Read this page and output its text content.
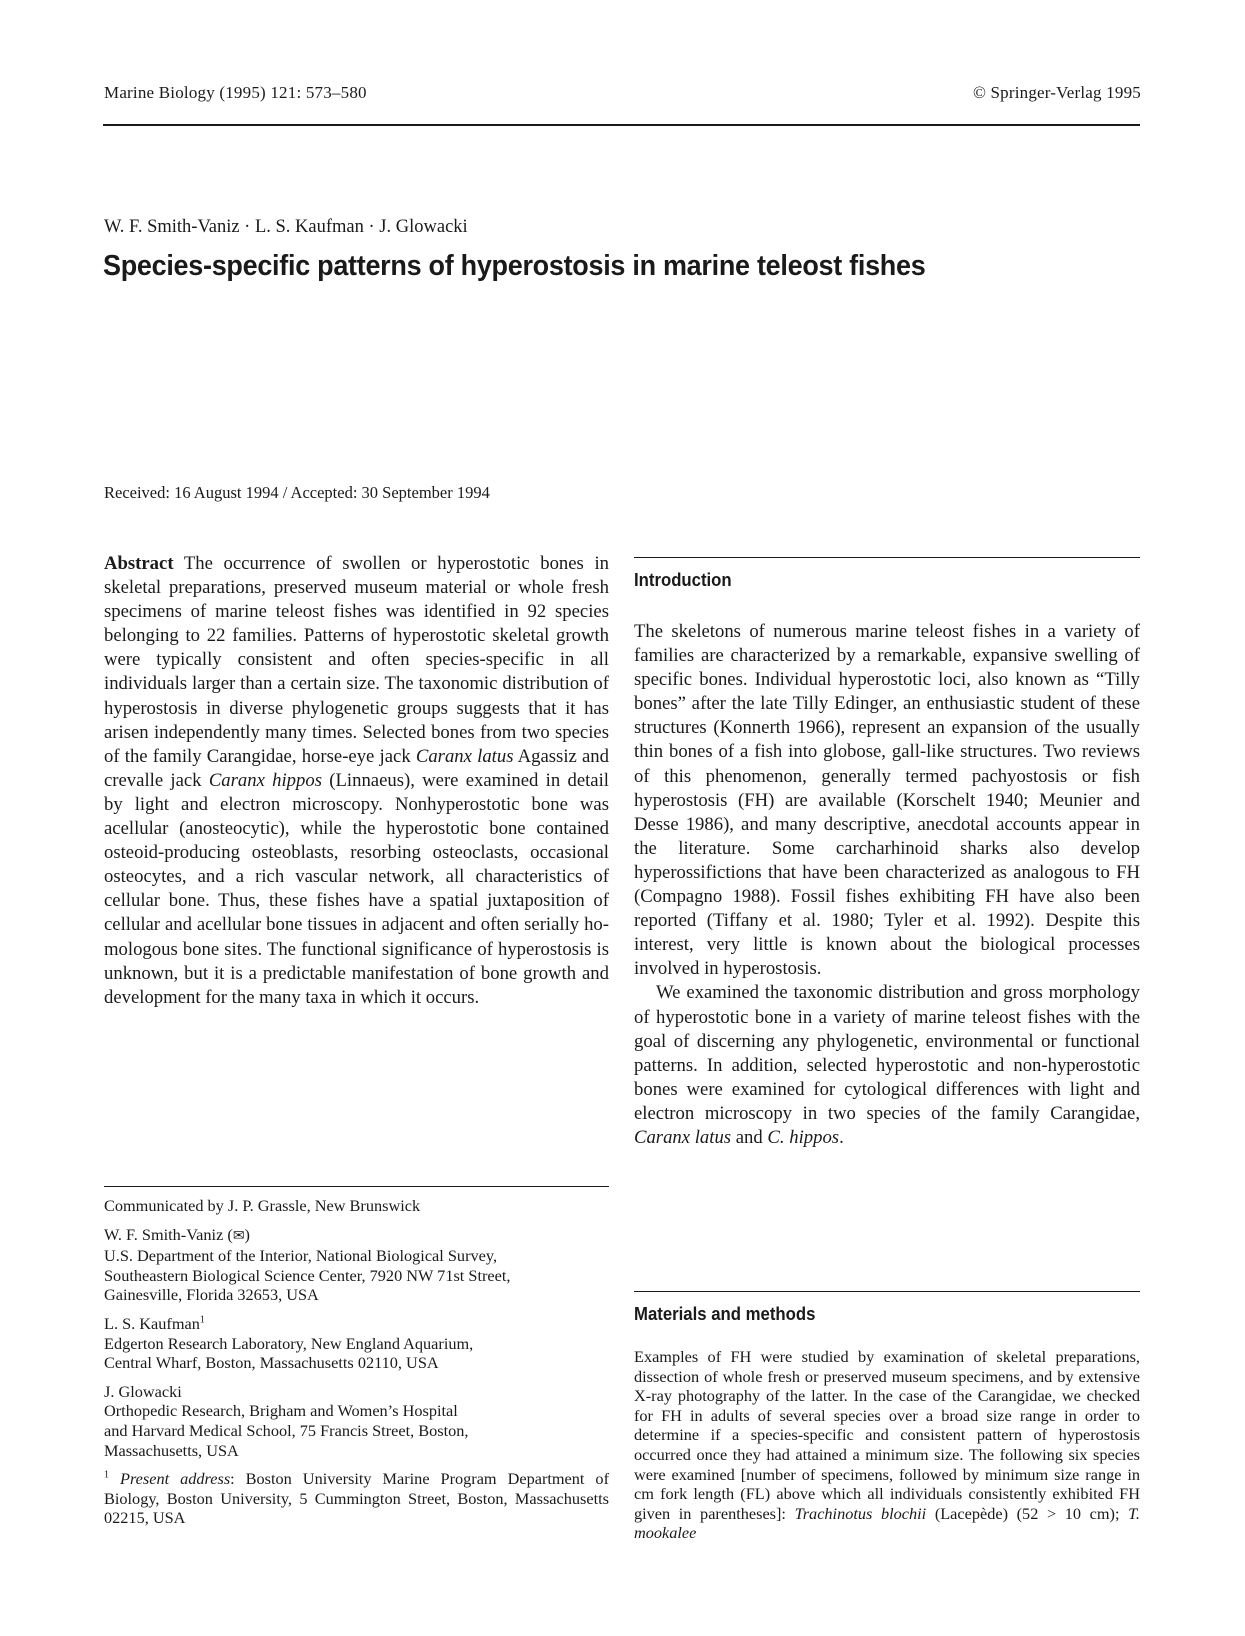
Marine Biology (1995) 121: 573–580	© Springer-Verlag 1995
W. F. Smith-Vaniz · L. S. Kaufman · J. Glowacki
Species-specific patterns of hyperostosis in marine teleost fishes
Received: 16 August 1994 / Accepted: 30 September 1994

Abstract The occurrence of swollen or hyperostotic bones in skeletal preparations, preserved museum material or whole fresh specimens of marine teleost fishes was identified in 92 species belonging to 22 families. Patterns of hyperostotic skeletal growth were typically consistent and often species-specific in all individuals larger than a certain size. The taxonomic distribution of hyperostosis in diverse phylogenetic groups suggests that it has arisen independently many times. Selected bones from two species of the family Carangidae, horse-eye jack Caranx latus Agassiz and crevalle jack Caranx hippos (Linnaeus), were examined in detail by light and electron microscopy. Nonhyperostotic bone was acellular (anosteocytic), while the hyperostotic bone contained osteoid-producing osteoblasts, resorbing osteoclasts, occasional osteocytes, and a rich vascular network, all characteristics of cellular bone. Thus, these fishes have a spatial juxtaposition of cellular and acellular bone tissues in adjacent and often serially homologous bone sites. The functional significance of hyperostosis is unknown, but it is a predictable manifestation of bone growth and development for the many taxa in which it occurs.

Communicated by J. P. Grassle, New Brunswick
W. F. Smith-Vaniz (✉)
U.S. Department of the Interior, National Biological Survey,
Southeastern Biological Science Center, 7920 NW 71st Street,
Gainesville, Florida 32653, USA
L. S. Kaufman$^1$
Edgerton Research Laboratory, New England Aquarium,
Central Wharf, Boston, Massachusetts 02110, USA
J. Glowacki
Orthopedic Research, Brigham and Women’s Hospital
and Harvard Medical School, 75 Francis Street, Boston,
Massachusetts, USA
$^1$ Present address: Boston University Marine Program Department of Biology, Boston University, 5 Cummington Street, Boston, Massachusetts 02215, USA
Introduction

The skeletons of numerous marine teleost fishes in a variety of families are characterized by a remarkable, expansive swelling of specific bones. Individual hyperostotic loci, also known as “Tilly bones” after the late Tilly Edinger, an enthusiastic student of these structures (Konnerth 1966), represent an expansion of the usually thin bones of a fish into globose, gall-like structures. Two reviews of this phenomenon, generally termed pachyostosis or fish hyperostosis (FH) are available (Korschelt 1940; Meunier and Desse 1986), and many descriptive, anecdotal accounts appear in the literature. Some carcharhinoid sharks also develop hyperossifictions that have been characterized as analogous to FH (Compagno 1988). Fossil fishes exhibiting FH have also been reported (Tiffany et al. 1980; Tyler et al. 1992). Despite this interest, very little is known about the biological processes involved in hyperostosis.

We examined the taxonomic distribution and gross morphology of hyperostotic bone in a variety of marine teleost fishes with the goal of discerning any phylogenetic, environmental or functional patterns. In addition, selected hyperostotic and non-hyperostotic bones were examined for cytological differences with light and electron microscopy in two species of the family Carangidae, Caranx latus and C. hippos.

Materials and methods
Examples of FH were studied by examination of skeletal preparations, dissection of whole fresh or preserved museum specimens, and by extensive X-ray photography of the latter. In the case of the Carangidae, we checked for FH in adults of several species over a broad size range in order to determine if a species-specific and consistent pattern of hyperostosis occurred once they had attained a minimum size. The following six species were examined [number of specimens, followed by minimum size range in cm fork length (FL) above which all individuals consistently exhibited FH given in parentheses]: Trachinotus blochii (Lacepède) (52 > 10 cm); T. mookalee
